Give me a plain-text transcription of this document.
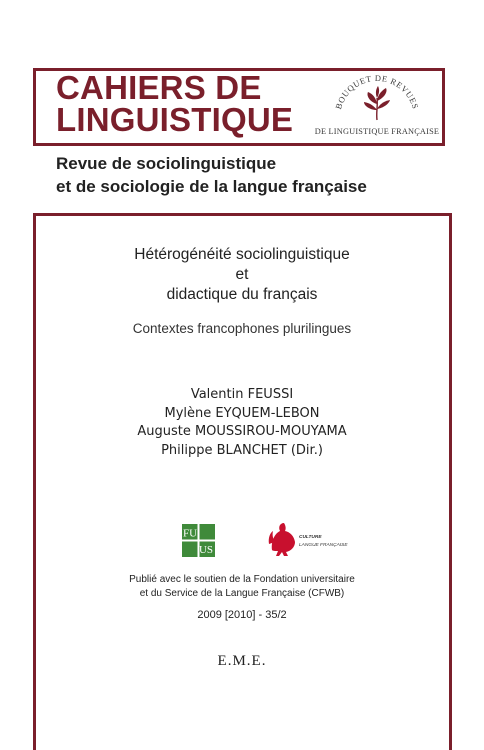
CAHIERS DE
LINGUISTIQUE	BOUQUET DE REVUES
DE LINGUISTIQUE FRANÇAISE
Revue de sociolinguistique
et de sociologie de la langue française
Hétérogénéité sociolinguistique
et
didactique du français
Contextes francophones plurilingues
Valentin FEUSSI
Mylène EYQUEM-LEBON
Auguste MOUSSIROU-MOUYAMA
Philippe BLANCHET (Dir.)
FU
US
CULTURE
LANGUE FRANÇAISE
Publié avec le soutien de la Fondation universitaire
et du Service de la Langue Française (CFWB)
2009 [2010] - 35/2
E.M.E.
